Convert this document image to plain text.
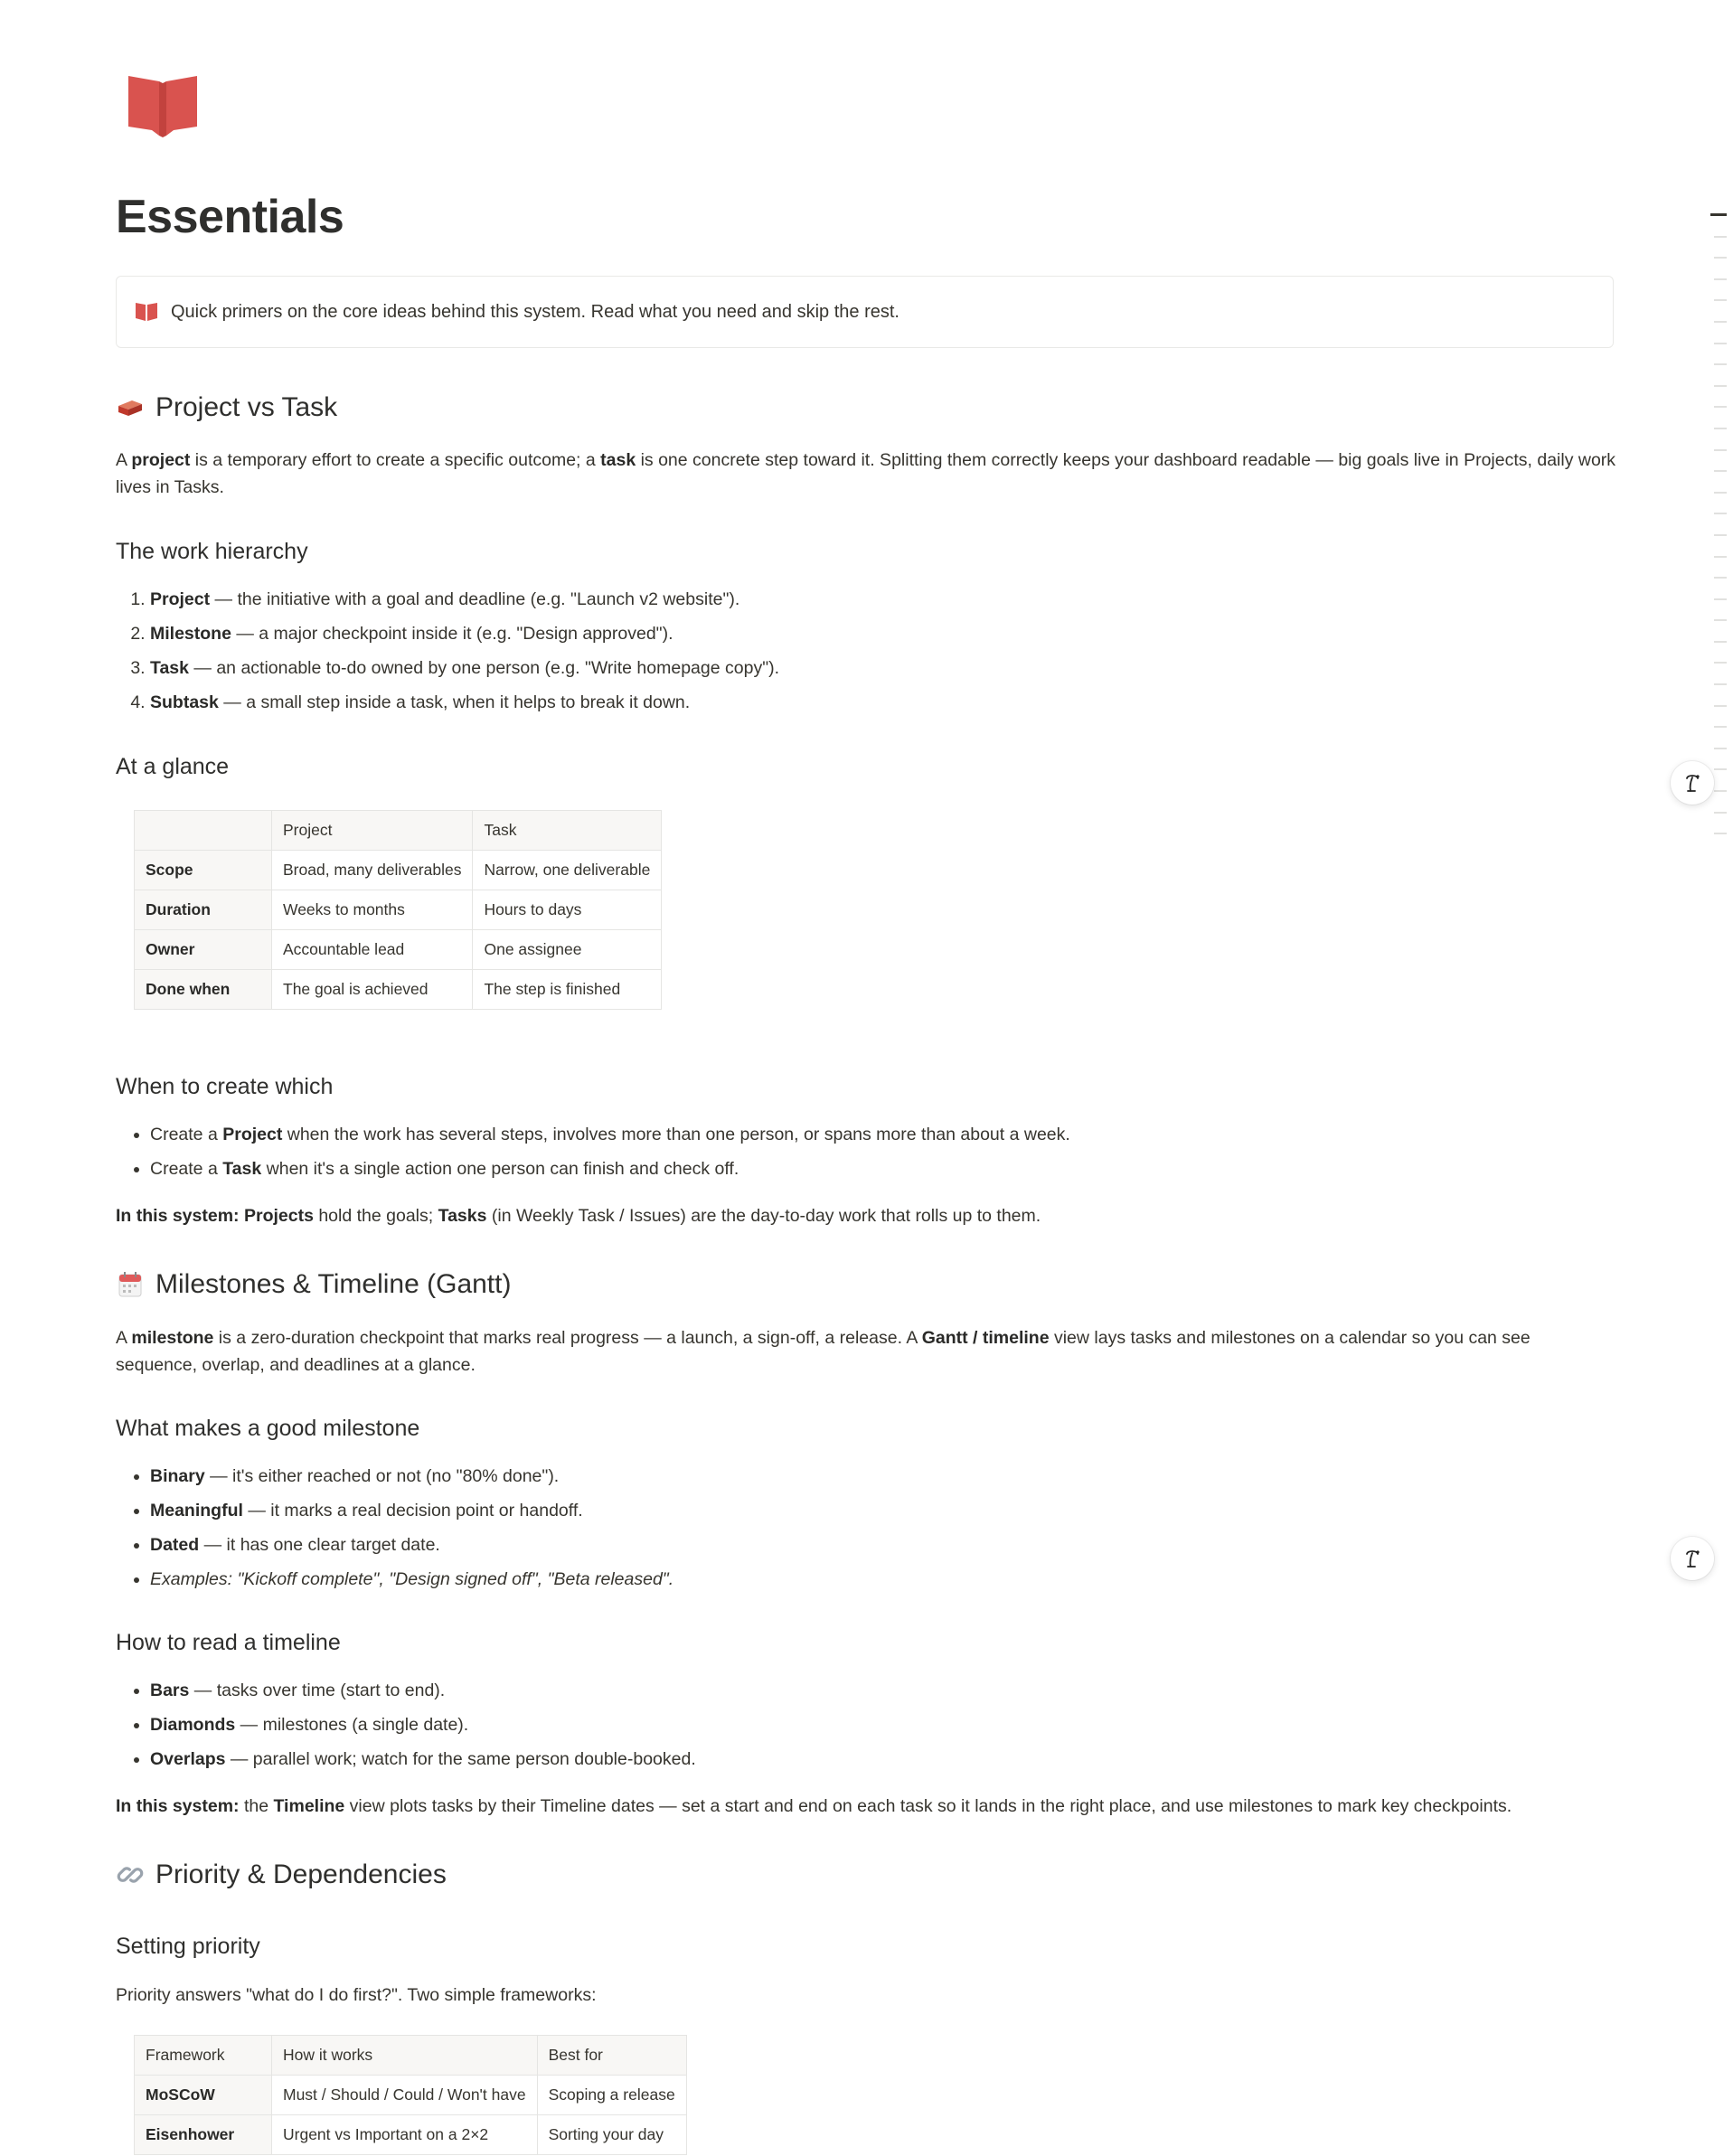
Essentials
Quick primers on the core ideas behind this system. Read what you need and skip the rest.
Project vs Task

A project is a temporary effort to create a specific outcome; a task is one concrete step toward it. Splitting them correctly keeps your dashboard readable — big goals live in Projects, daily work lives in Tasks.

The work hierarchy
1. Project — the initiative with a goal and deadline (e.g. "Launch v2 website").
2. Milestone — a major checkpoint inside it (e.g. "Design approved").
3. Task — an actionable to-do owned by one person (e.g. "Write homepage copy").
4. Subtask — a small step inside a task, when it helps to break it down.
At a glance
	Project	Task
Scope	Broad, many deliverables	Narrow, one deliverable
Duration	Weeks to months	Hours to days
Owner	Accountable lead	One assignee
Done when	The goal is achieved	The step is finished
When to create which
• Create a Project when the work has several steps, involves more than one person, or spans more than about a week.
• Create a Task when it's a single action one person can finish and check off.

In this system: Projects hold the goals; Tasks (in Weekly Task / Issues) are the day-to-day work that rolls up to them.

Milestones & Timeline (Gantt)

A milestone is a zero-duration checkpoint that marks real progress — a launch, a sign-off, a release. A Gantt / timeline view lays tasks and milestones on a calendar so you can see sequence, overlap, and deadlines at a glance.

What makes a good milestone
• Binary — it's either reached or not (no "80% done").
• Meaningful — it marks a real decision point or handoff.
• Dated — it has one clear target date.
• Examples: "Kickoff complete", "Design signed off", "Beta released".
How to read a timeline
• Bars — tasks over time (start to end).
• Diamonds — milestones (a single date).
• Overlaps — parallel work; watch for the same person double-booked.

In this system: the Timeline view plots tasks by their Timeline dates — set a start and end on each task so it lands in the right place, and use milestones to mark key checkpoints.

Priority & Dependencies
Setting priority

Priority answers "what do I do first?". Two simple frameworks:

Framework	How it works	Best for
MoSCoW	Must / Should / Could / Won't have	Scoping a release
Eisenhower	Urgent vs Important on a 2×2	Sorting your day
